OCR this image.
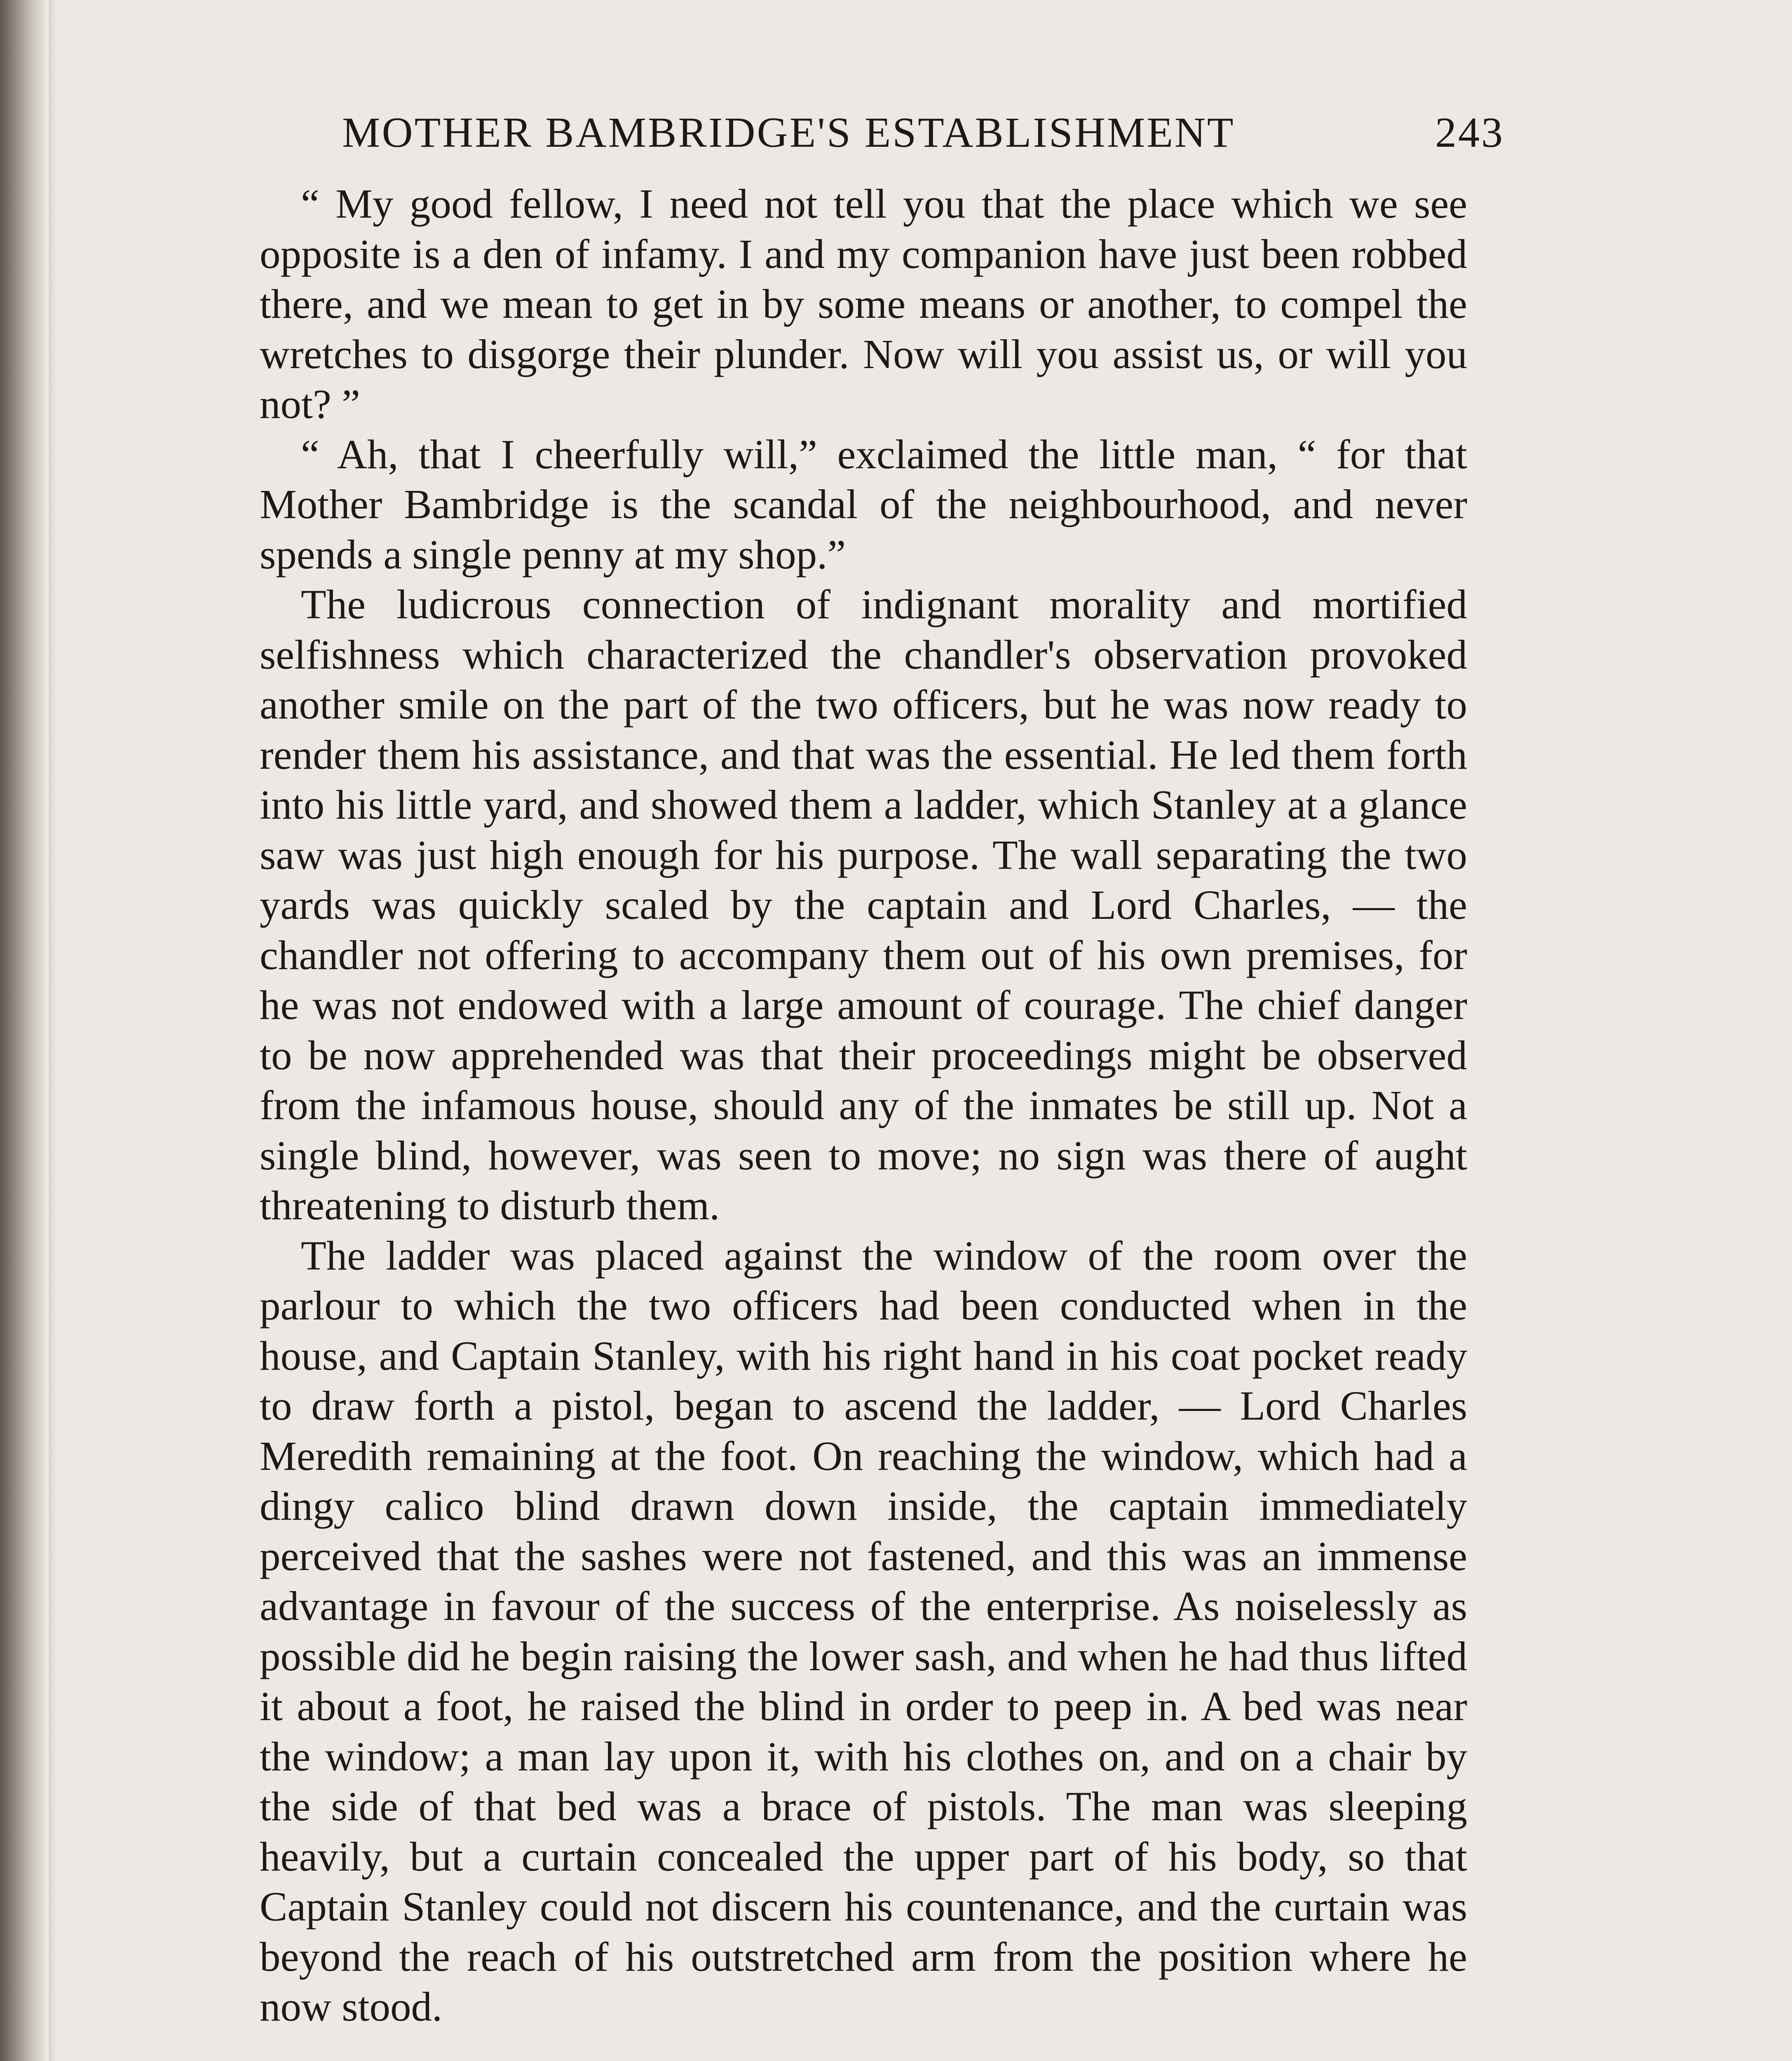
MOTHER BAMBRIDGE'S ESTABLISHMENT	243

“ My good fellow, I need not tell you that the place which we see opposite is a den of infamy. I and my companion have just been robbed there, and we mean to get in by some means or another, to compel the wretches to disgorge their plunder. Now will you assist us, or will you not? ”

“ Ah, that I cheerfully will,” exclaimed the little man, “ for that Mother Bambridge is the scandal of the neighbourhood, and never spends a single penny at my shop.”

The ludicrous connection of indignant morality and mortified selfishness which characterized the chandler's observation provoked another smile on the part of the two officers, but he was now ready to render them his assistance, and that was the essential. He led them forth into his little yard, and showed them a ladder, which Stanley at a glance saw was just high enough for his purpose. The wall separating the two yards was quickly scaled by the captain and Lord Charles, — the chandler not offering to accompany them out of his own premises, for he was not endowed with a large amount of courage. The chief danger to be now apprehended was that their proceedings might be observed from the infamous house, should any of the inmates be still up. Not a single blind, however, was seen to move; no sign was there of aught threatening to disturb them.

The ladder was placed against the window of the room over the parlour to which the two officers had been conducted when in the house, and Captain Stanley, with his right hand in his coat pocket ready to draw forth a pistol, began to ascend the ladder, — Lord Charles Meredith remaining at the foot. On reaching the window, which had a dingy calico blind drawn down inside, the captain immediately perceived that the sashes were not fastened, and this was an immense advantage in favour of the success of the enterprise. As noiselessly as possible did he begin raising the lower sash, and when he had thus lifted it about a foot, he raised the blind in order to peep in. A bed was near the window; a man lay upon it, with his clothes on, and on a chair by the side of that bed was a brace of pistols. The man was sleeping heavily, but a curtain concealed the upper part of his body, so that Captain Stanley could not discern his countenance, and the curtain was beyond the reach of his outstretched arm from the position where he now stood.
